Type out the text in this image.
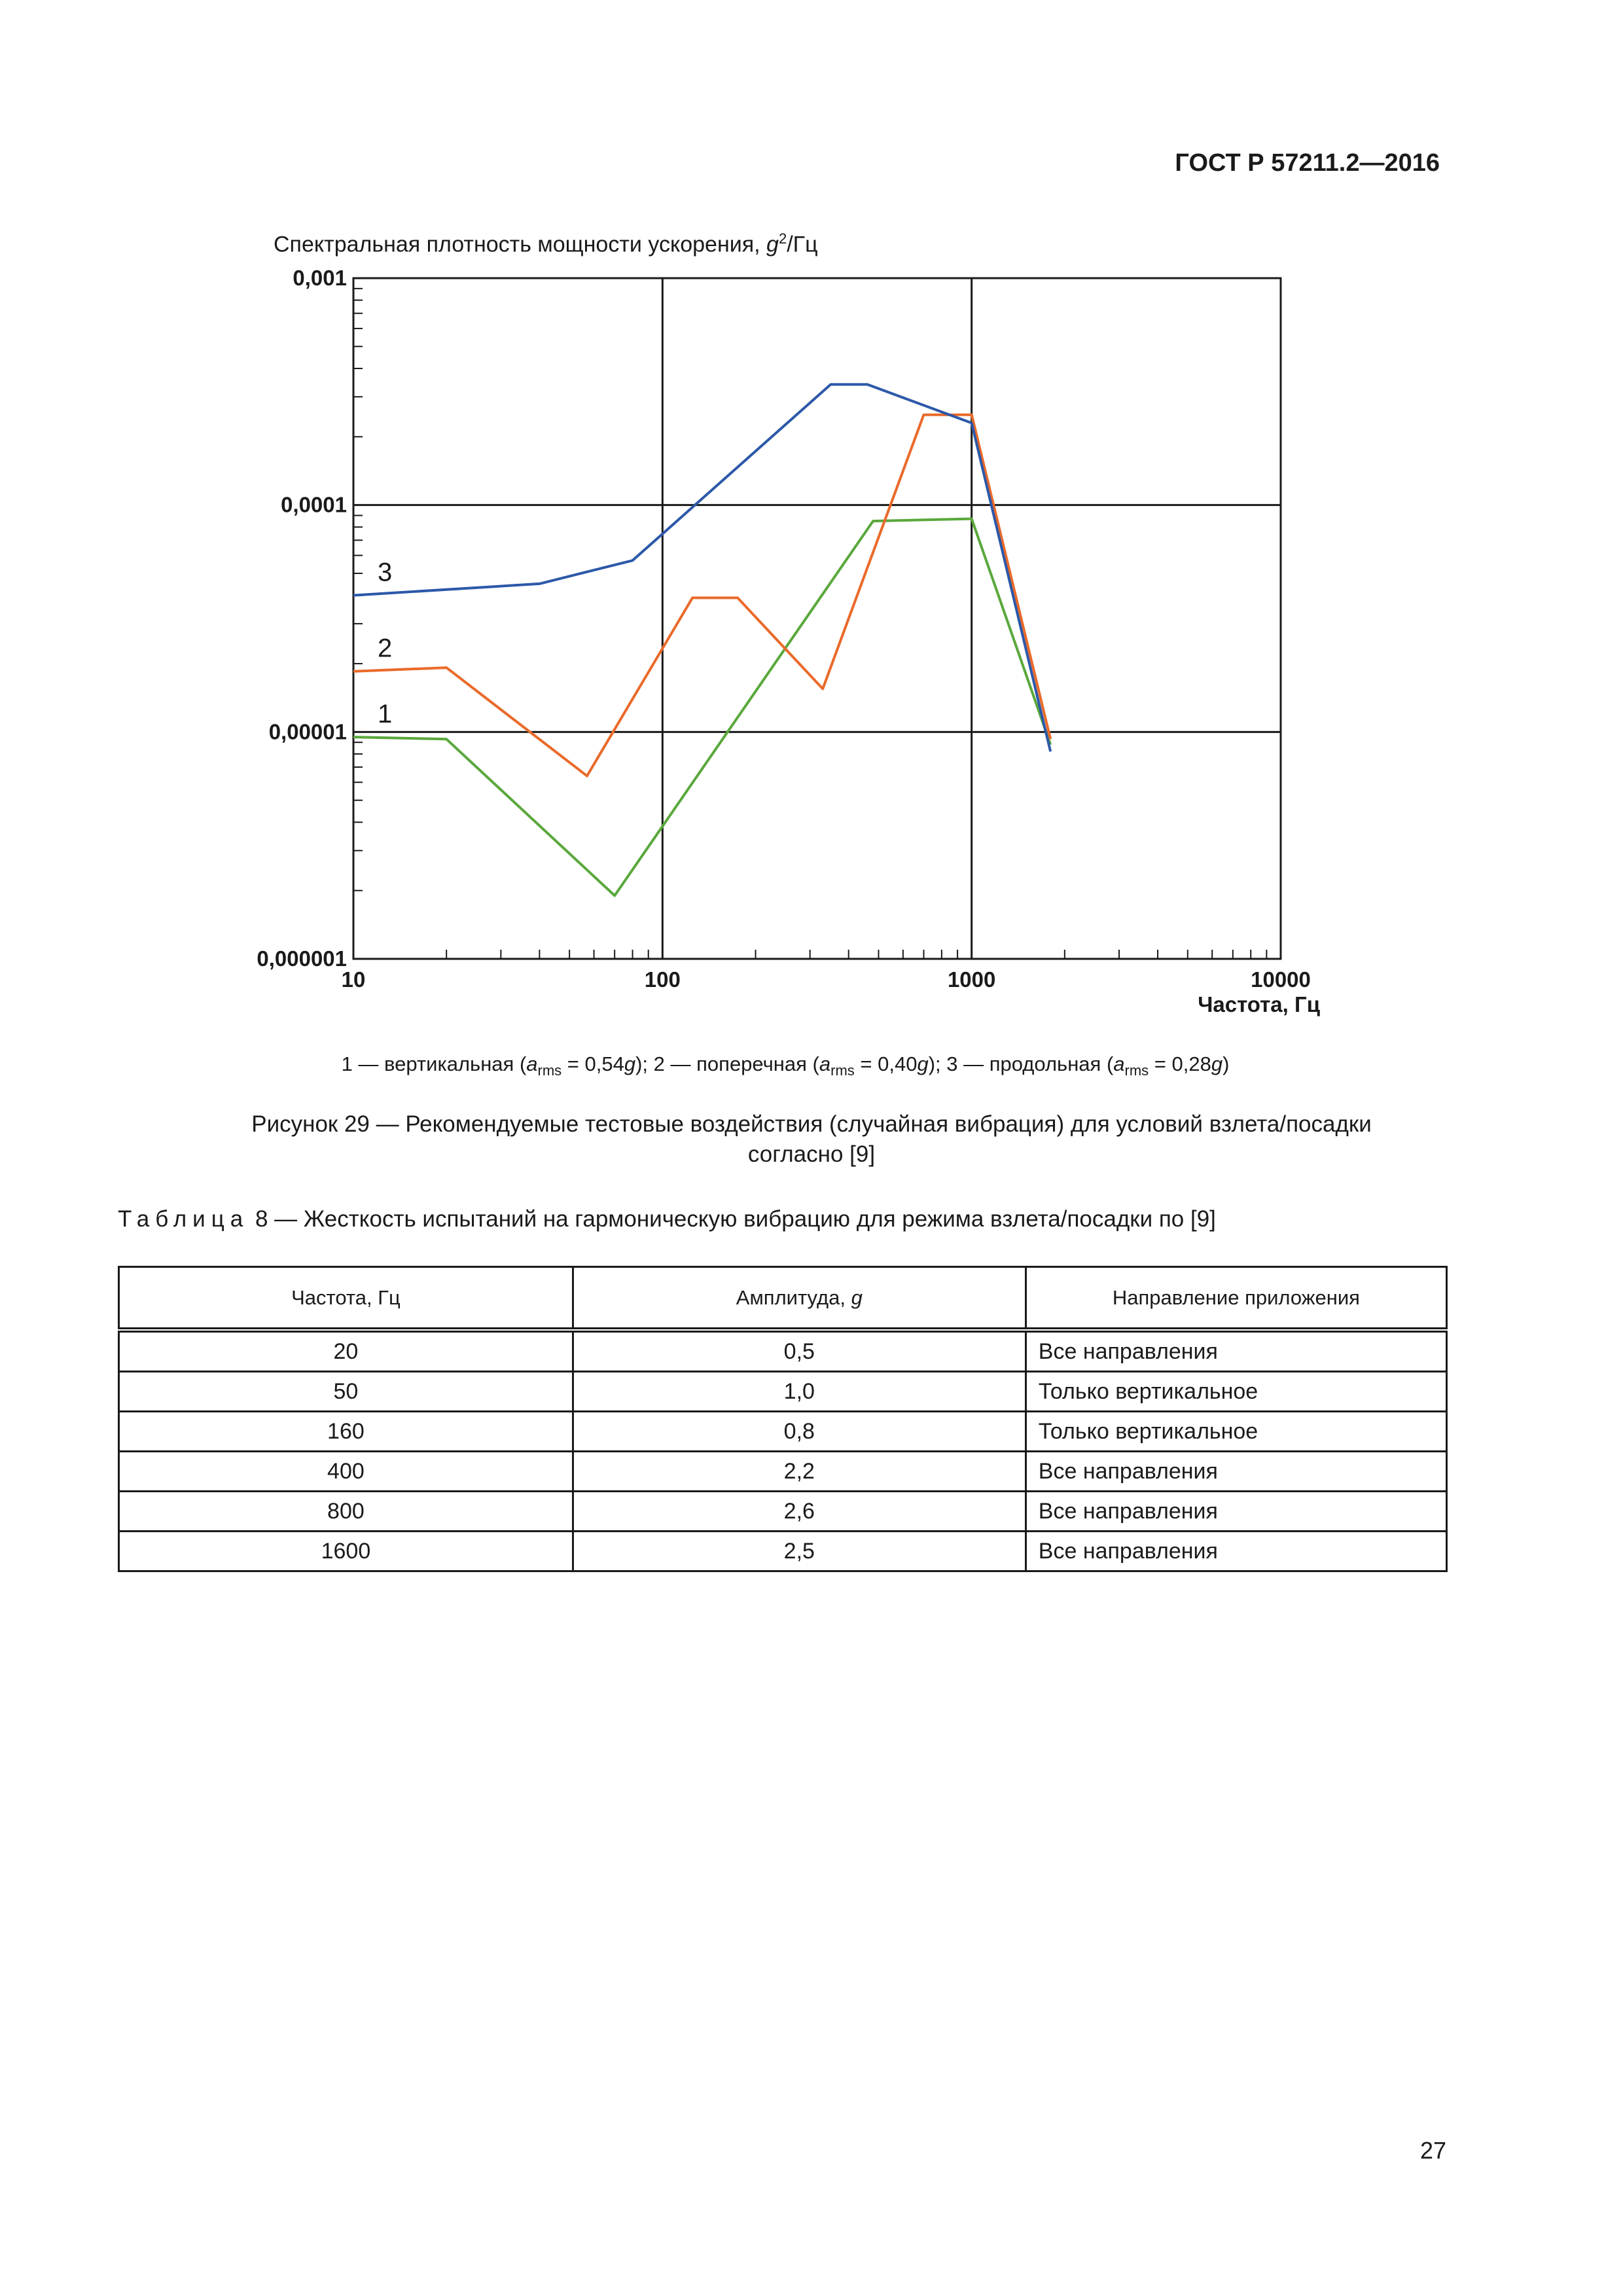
ГОСТ Р 57211.2—2016
Спектральная плотность мощности ускорения, $g^2/Гц$
1
2
3
10	100	1000	10000
0,000001
0,00001
0,0001
0,001
Частота, Гц
1 — вертикальная $(a_{rms} = 0,54g)$; 2 — поперечная $(a_{rms} = 0,40g)$; 3 — продольная $(a_{rms} = 0,28g)$
Рисунок 29 — Рекомендуемые тестовые воздействия (случайная вибрация) для условий взлета/посадки
согласно [9]
Таблица 8 — Жесткость испытаний на гармоническую вибрацию для режима взлета/посадки по [9]
Частота, Гц	Амплитуда, g	Направление приложения
20	0,5	Все направления
50	1,0	Только вертикальное
160	0,8	Только вертикальное
400	2,2	Все направления
800	2,6	Все направления
1600	2,5	Все направления
27
